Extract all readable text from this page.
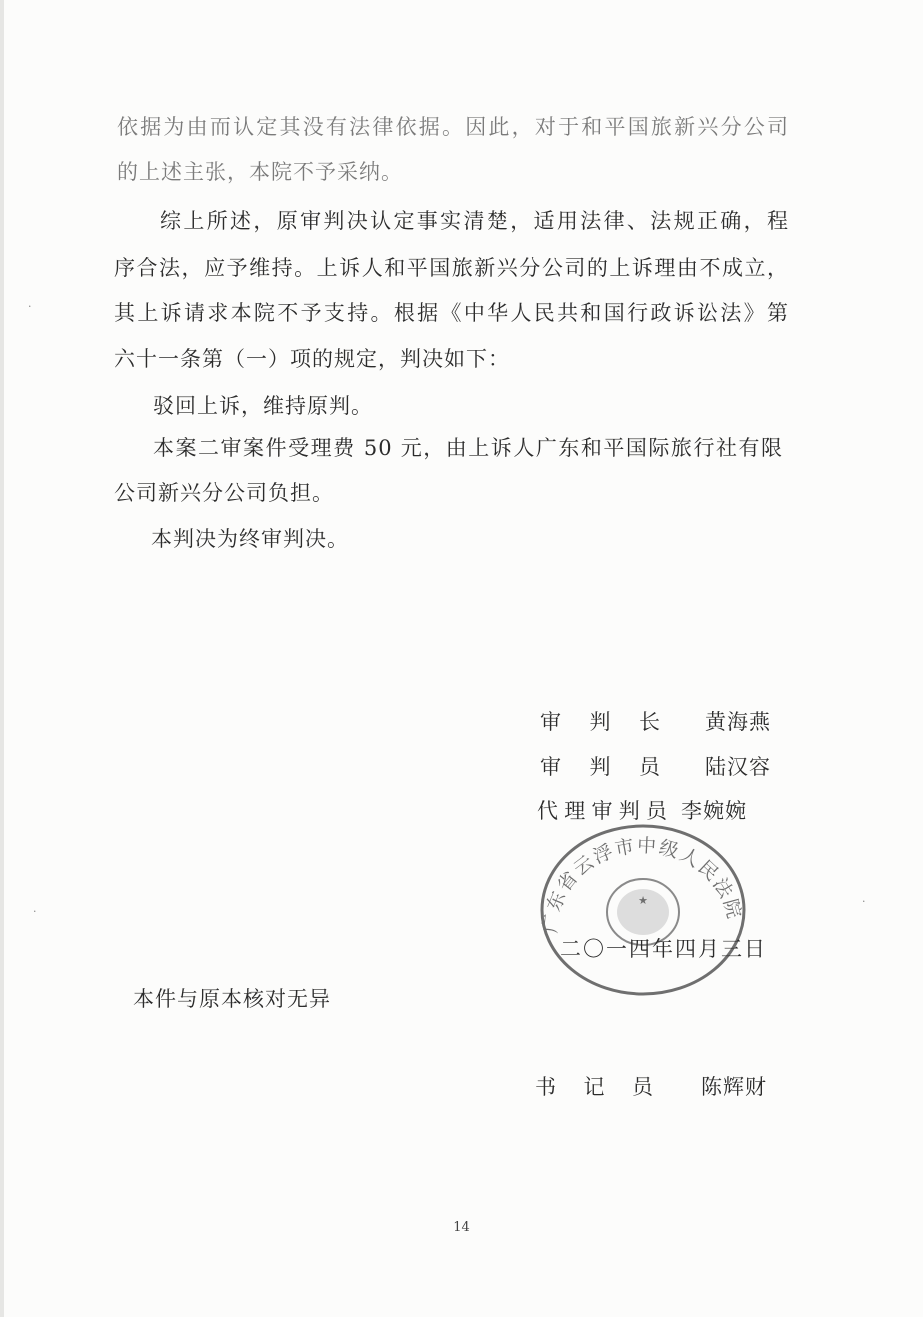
依据为由而认定其没有法律依据。因此，对于和平国旅新兴分公司
的上述主张，本院不予采纳。
综上所述，原审判决认定事实清楚，适用法律、法规正确，程
序合法，应予维持。上诉人和平国旅新兴分公司的上诉理由不成立，
其上诉请求本院不予支持。根据《中华人民共和国行政诉讼法》第
六十一条第（一）项的规定，判决如下：
驳回上诉，维持原判。
本案二审案件受理费 50 元，由上诉人广东和平国际旅行社有限
公司新兴分公司负担。
本判决为终审判决。
审判长 黄海燕
审判员 陆汉容
代理审判员 李婉婉
★
广东省云浮市中级人民法院
二〇一四年四月三日
本件与原本核对无异
书记员 陈辉财
14
·
·
·
